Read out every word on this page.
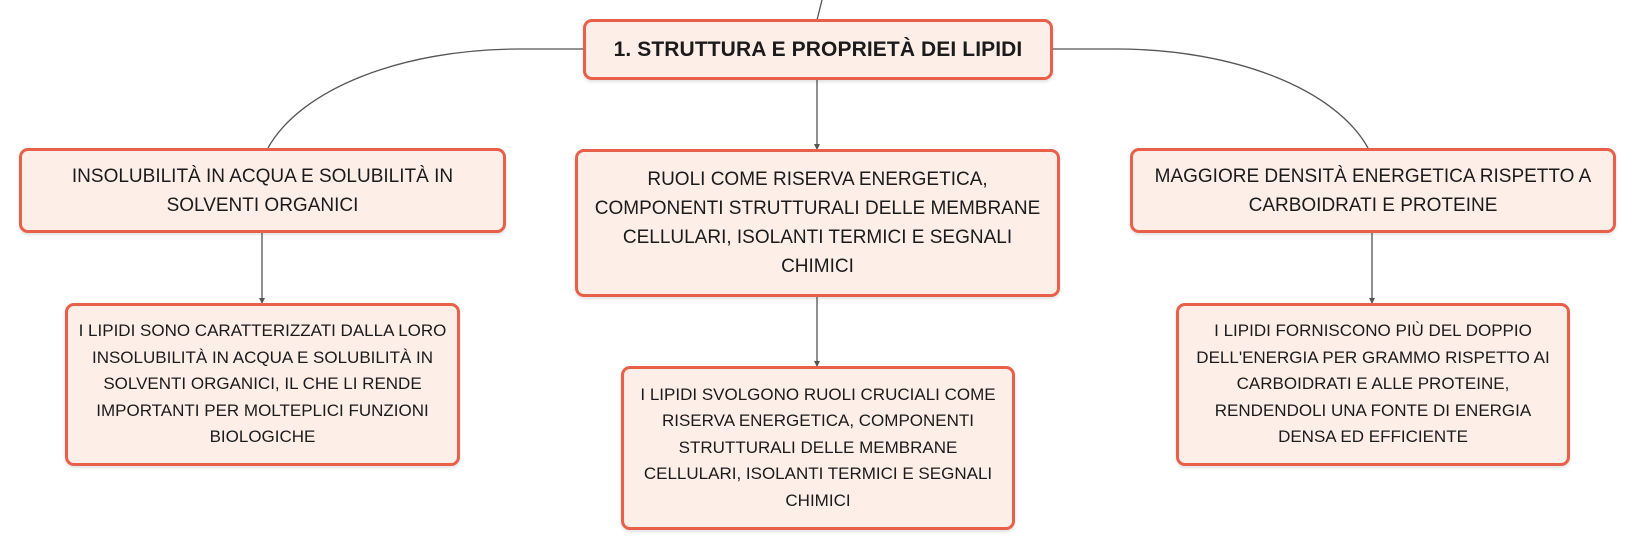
1. STRUTTURA E PROPRIETÀ DEI LIPIDI
INSOLUBILITÀ IN ACQUA E SOLUBILITÀ IN SOLVENTI ORGANICI
RUOLI COME RISERVA ENERGETICA, COMPONENTI STRUTTURALI DELLE MEMBRANE CELLULARI, ISOLANTI TERMICI E SEGNALI CHIMICI
MAGGIORE DENSITÀ ENERGETICA RISPETTO A CARBOIDRATI E PROTEINE
I LIPIDI SONO CARATTERIZZATI DALLA LORO INSOLUBILITÀ IN ACQUA E SOLUBILITÀ IN SOLVENTI ORGANICI, IL CHE LI RENDE IMPORTANTI PER MOLTEPLICI FUNZIONI BIOLOGICHE
I LIPIDI SVOLGONO RUOLI CRUCIALI COME RISERVA ENERGETICA, COMPONENTI STRUTTURALI DELLE MEMBRANE CELLULARI, ISOLANTI TERMICI E SEGNALI CHIMICI
I LIPIDI FORNISCONO PIÙ DEL DOPPIO DELL'ENERGIA PER GRAMMO RISPETTO AI CARBOIDRATI E ALLE PROTEINE, RENDENDOLI UNA FONTE DI ENERGIA DENSA ED EFFICIENTE
